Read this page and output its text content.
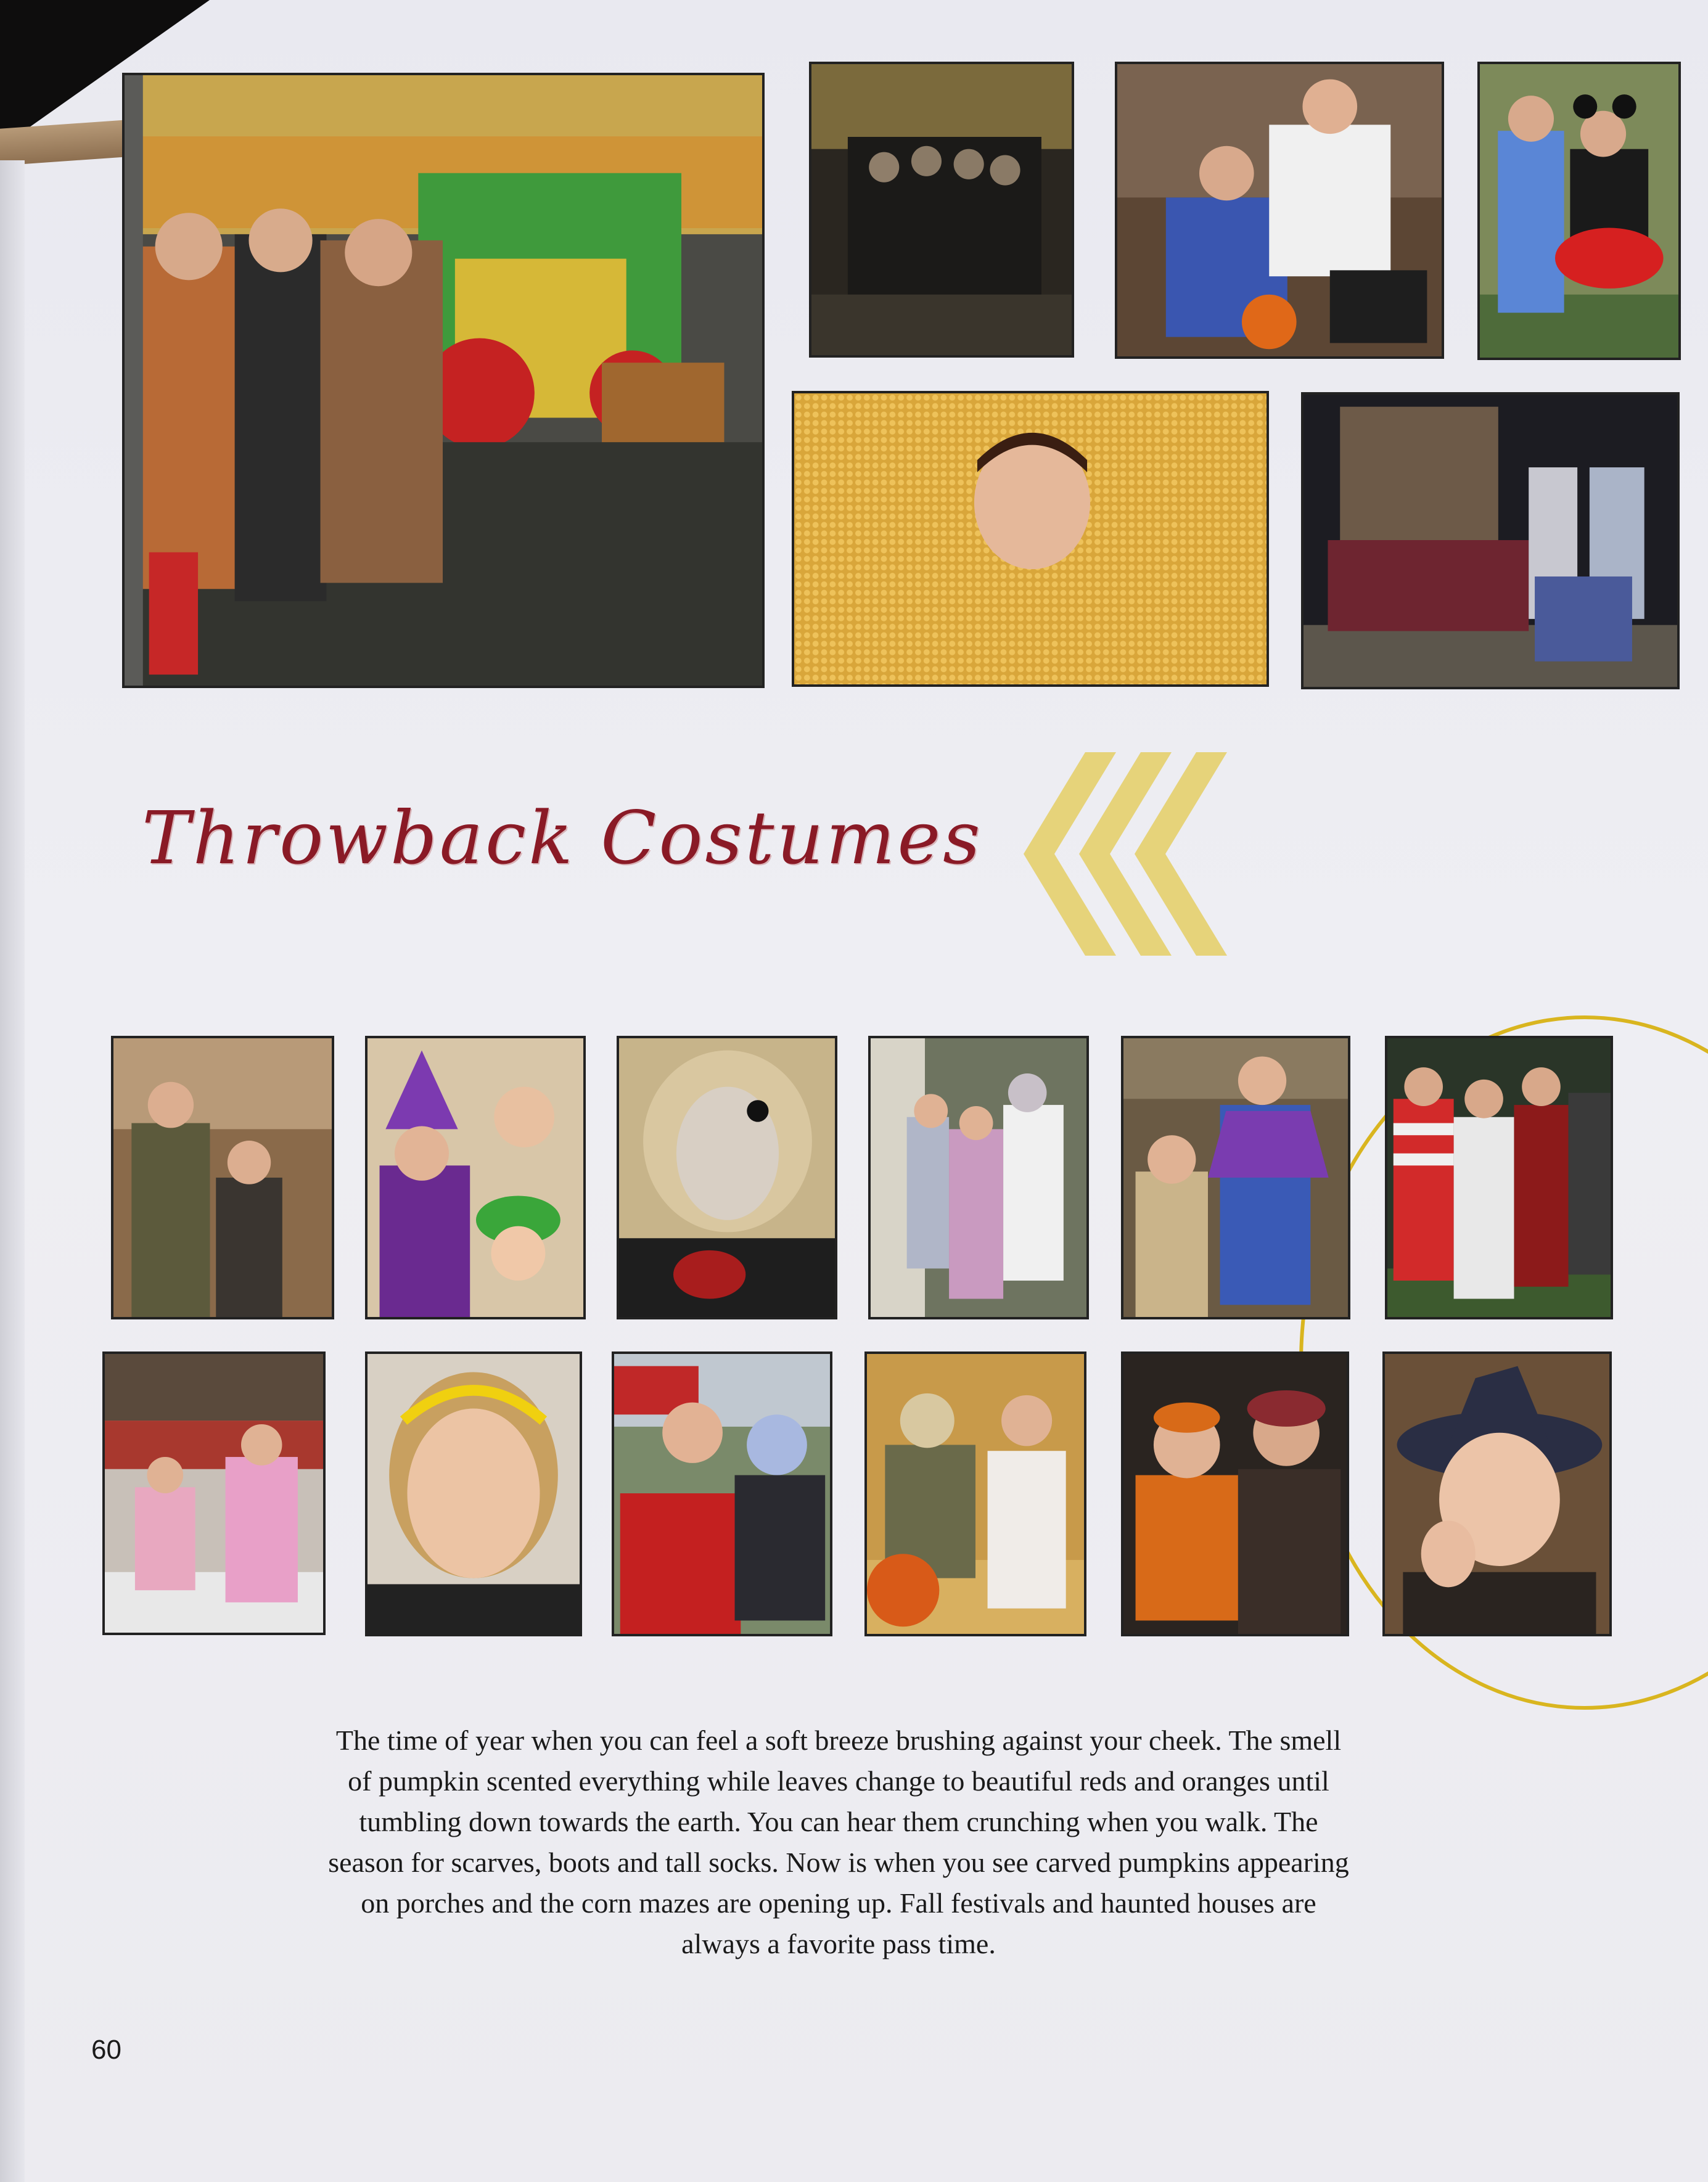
Throwback Costumes
The time of year when you can feel a soft breeze brushing against your cheek. The smell of pumpkin scented everything while leaves change to beautiful reds and oranges until tumbling down towards the earth. You can hear them crunching when you walk. The season for scarves, boots and tall socks. Now is when you see carved pumpkins appearing on porches and the corn mazes are opening up. Fall festivals and haunted houses are always a favorite pass time.
60
